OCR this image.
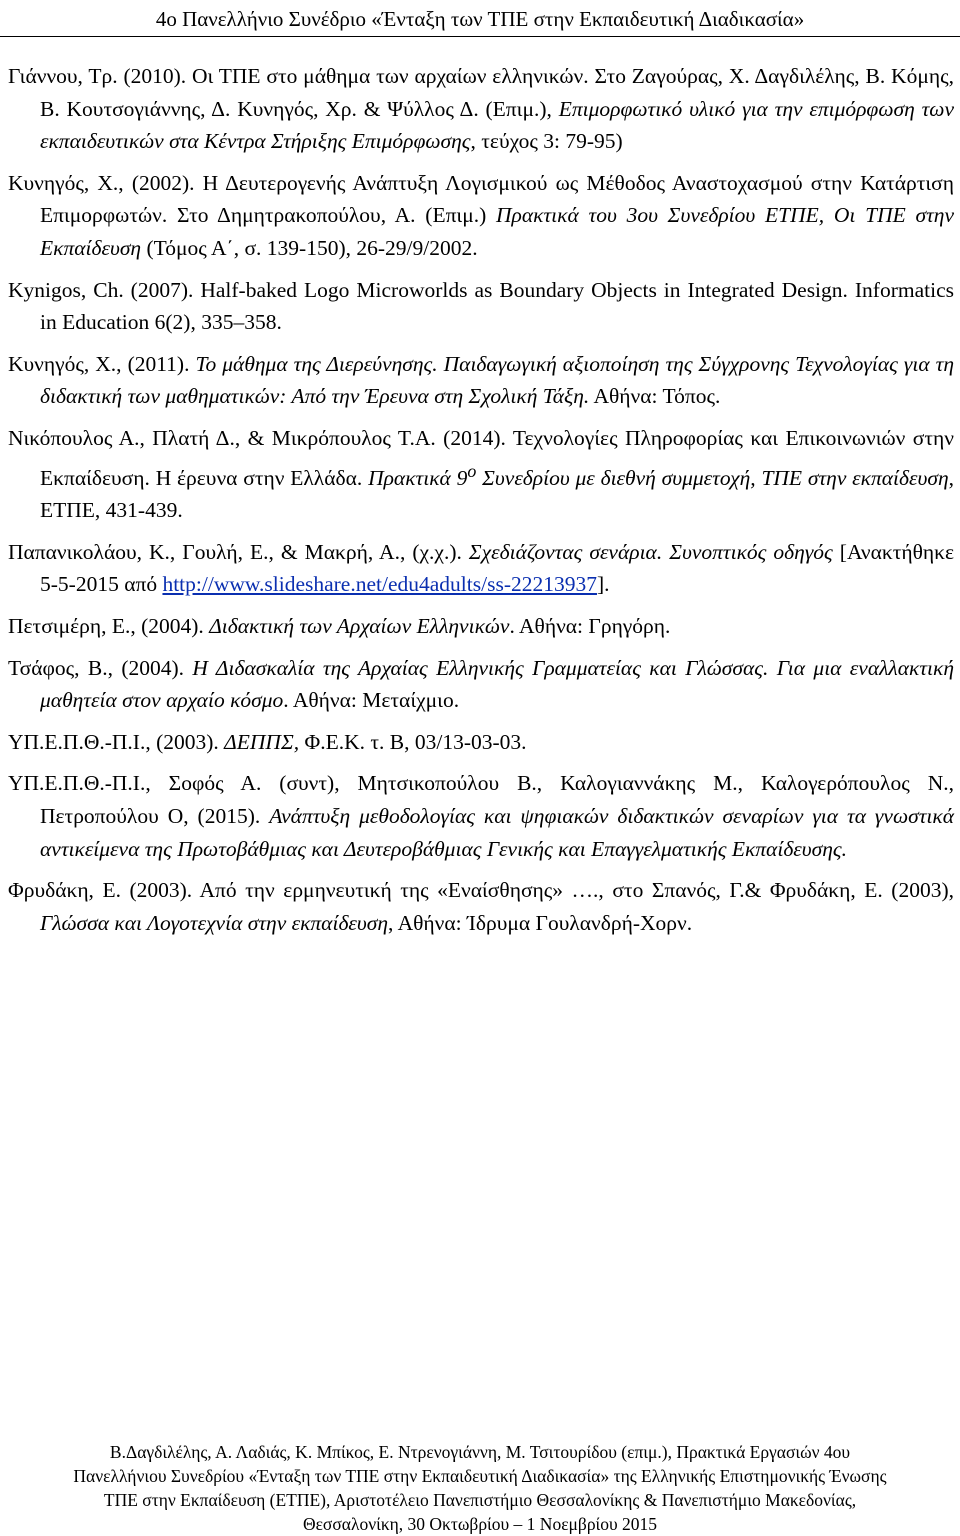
4ο Πανελλήνιο Συνέδριο «Ένταξη των ΤΠΕ στην Εκπαιδευτική Διαδικασία»

Γιάννου, Τρ. (2010). Οι ΤΠΕ στο μάθημα των αρχαίων ελληνικών. Στο Ζαγούρας, Χ. Δαγδιλέλης, Β. Κόμης, Β. Κουτσογιάννης, Δ. Κυνηγός, Χρ. & Ψύλλος Δ. (Επιμ.), Επιμορφωτικό υλικό για την επιμόρφωση των εκπαιδευτικών στα Κέντρα Στήριξης Επιμόρφωσης, τεύχος 3: 79-95)

Κυνηγός, Χ., (2002). Η Δευτερογενής Ανάπτυξη Λογισμικού ως Μέθοδος Αναστοχασμού στην Κατάρτιση Επιμορφωτών. Στο Δημητρακοπούλου, Α. (Επιμ.) Πρακτικά του 3ου Συνεδρίου ΕΤΠΕ, Οι ΤΠΕ στην Εκπαίδευση (Τόμος Α΄, σ. 139-150), 26-29/9/2002.

Kynigos, Ch. (2007). Half-baked Logo Microworlds as Boundary Objects in Integrated Design. Informatics in Education 6(2), 335–358.

Κυνηγός, Χ., (2011). Το μάθημα της Διερεύνησης. Παιδαγωγική αξιοποίηση της Σύγχρονης Τεχνολογίας για τη διδακτική των μαθηματικών: Από την Έρευνα στη Σχολική Τάξη. Αθήνα: Τόπος.

Νικόπουλος Α., Πλατή Δ., & Μικρόπουλος Τ.Α. (2014). Τεχνολογίες Πληροφορίας και Επικοινωνιών στην Εκπαίδευση. Η έρευνα στην Ελλάδα. Πρακτικά $9^o$ Συνεδρίου με διεθνή συμμετοχή, ΤΠΕ στην εκπαίδευση, ΕΤΠΕ, 431-439.

Παπανικολάου, Κ., Γουλή, Ε., & Μακρή, Α., (χ.χ.). Σχεδιάζοντας σενάρια. Συνοπτικός οδηγός [Ανακτήθηκε 5-5-2015 από http://www.slideshare.net/edu4adults/ss-22213937].

Πετσιμέρη, Ε., (2004). Διδακτική των Αρχαίων Ελληνικών. Αθήνα: Γρηγόρη.

Τσάφος, Β., (2004). Η Διδασκαλία της Αρχαίας Ελληνικής Γραμματείας και Γλώσσας. Για μια εναλλακτική μαθητεία στον αρχαίο κόσμο. Αθήνα: Μεταίχμιο.

ΥΠ.Ε.Π.Θ.-Π.Ι., (2003). ΔΕΠΠΣ, Φ.Ε.Κ. τ. Β, 03/13-03-03.

ΥΠ.Ε.Π.Θ.-Π.Ι., Σοφός Α. (συντ), Μητσικοπούλου Β., Καλογιαννάκης Μ., Καλογερόπουλος Ν., Πετροπούλου Ο, (2015). Ανάπτυξη μεθοδολογίας και ψηφιακών διδακτικών σεναρίων για τα γνωστικά αντικείμενα της Πρωτοβάθμιας και Δευτεροβάθμιας Γενικής και Επαγγελματικής Εκπαίδευσης.

Φρυδάκη, Ε. (2003). Από την ερμηνευτική της «Εναίσθησης» …., στο Σπανός, Γ.& Φρυδάκη, Ε. (2003), Γλώσσα και Λογοτεχνία στην εκπαίδευση, Αθήνα: Ίδρυμα Γουλανδρή-Χορν.

Β.Δαγδιλέλης, Α. Λαδιάς, Κ. Μπίκος, Ε. Ντρενογιάννη, Μ. Τσιτουρίδου (επιμ.), Πρακτικά Εργασιών 4ου
Πανελλήνιου Συνεδρίου «Ένταξη των ΤΠΕ στην Εκπαιδευτική Διαδικασία» της Ελληνικής Επιστημονικής Ένωσης
ΤΠΕ στην Εκπαίδευση (ΕΤΠΕ), Αριστοτέλειο Πανεπιστήμιο Θεσσαλονίκης & Πανεπιστήμιο Μακεδονίας,
Θεσσαλονίκη, 30 Οκτωβρίου – 1 Νοεμβρίου 2015
